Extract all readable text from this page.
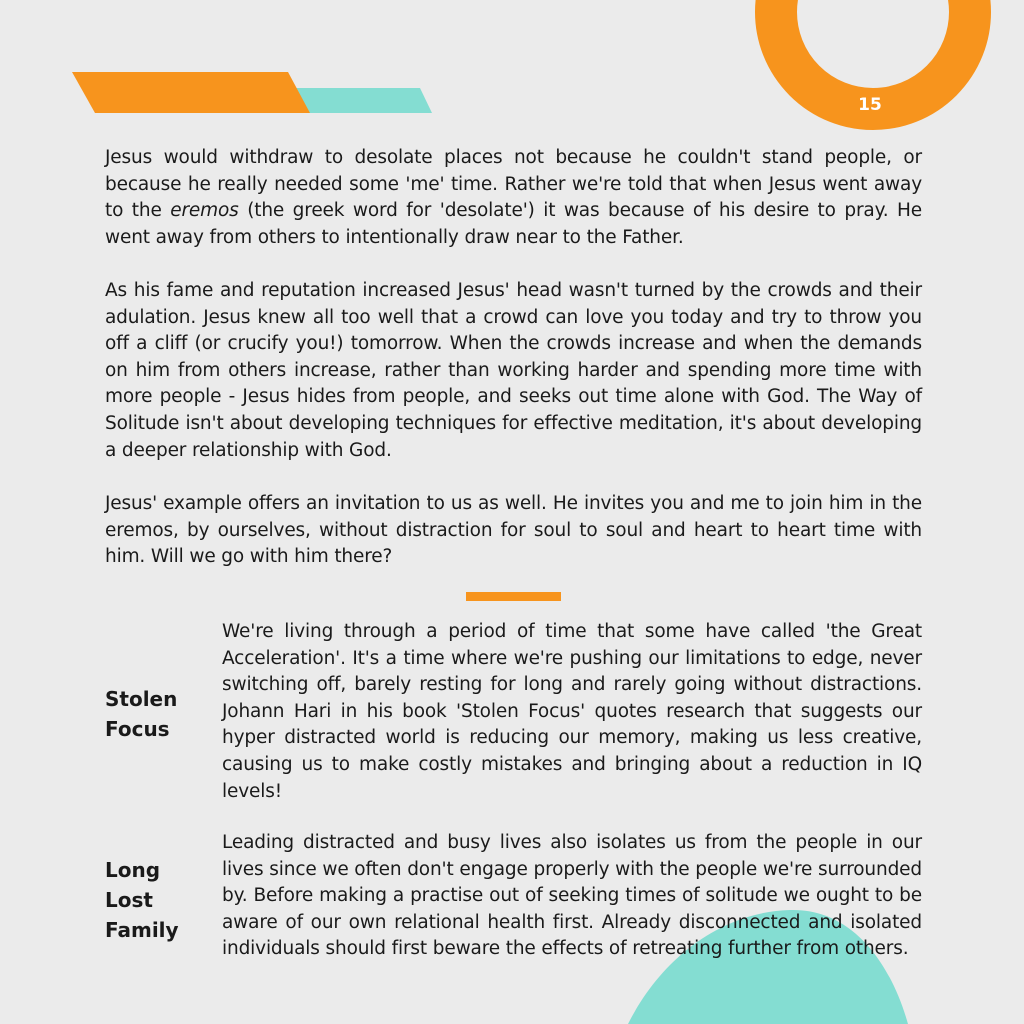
15

Jesus would withdraw to desolate places not because he couldn't stand people, or because he really needed some 'me' time. Rather we're told that when Jesus went away to the eremos (the greek word for 'desolate') it was because of his desire to pray. He went away from others to intentionally draw near to the Father.

As his fame and reputation increased Jesus' head wasn't turned by the crowds and their adulation. Jesus knew all too well that a crowd can love you today and try to throw you off a cliff (or crucify you!) tomorrow. When the crowds increase and when the demands on him from others increase, rather than working harder and spending more time with more people - Jesus hides from people, and seeks out time alone with God. The Way of Solitude isn't about developing techniques for effective meditation, it's about developing a deeper relationship with God.

Jesus' example offers an invitation to us as well. He invites you and me to join him in the eremos, by ourselves, without distraction for soul to soul and heart to heart time with him. Will we go with him there?

Stolen
Focus

We're living through a period of time that some have called 'the Great Acceleration'. It's a time where we're pushing our limitations to edge, never switching off, barely resting for long and rarely going without distractions. Johann Hari in his book 'Stolen Focus' quotes research that suggests our hyper distracted world is reducing our memory, making us less creative, causing us to make costly mistakes and bringing about a reduction in IQ levels!

Long
Lost
Family

Leading distracted and busy lives also isolates us from the people in our lives since we often don't engage properly with the people we're surrounded by. Before making a practise out of seeking times of solitude we ought to be aware of our own relational health first. Already disconnected and isolated individuals should first beware the effects of retreating further from others.
